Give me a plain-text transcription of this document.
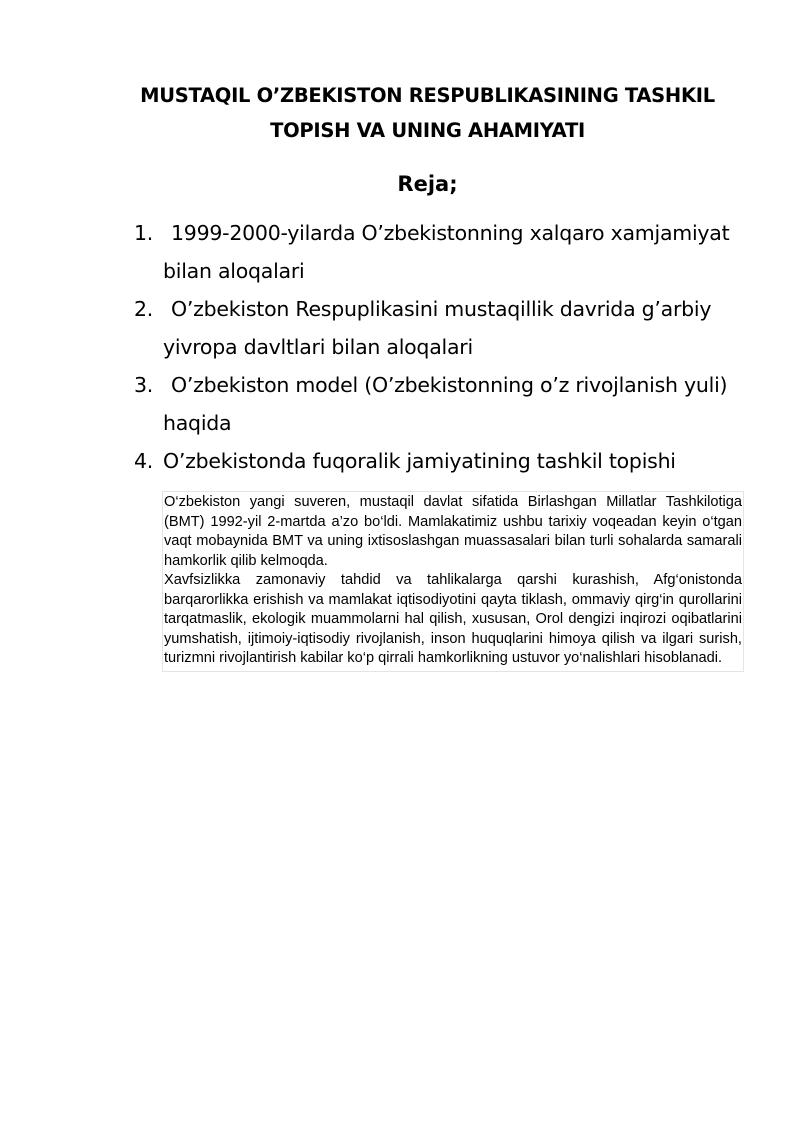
MUSTAQIL O’ZBEKISTON RESPUBLIKASINING TASHKIL TOPISH VA UNING AHAMIYATI
Reja;
1. 1999-2000-yilarda O’zbekistonning xalqaro xamjamiyat bilan aloqalari
2. O’zbekiston Respuplikasini mustaqillik davrida g’arbiy yivropa davltlari bilan aloqalari
3. O’zbekiston model (O’zbekistonning o’z rivojlanish yuli) haqida
4. O’zbekistonda fuqoralik jamiyatining tashkil topishi

O‘zbekiston yangi suveren, mustaqil davlat sifatida Birlashgan Millatlar Tashkilotiga (BMT) 1992-yil 2-martda a’zo bo‘ldi. Mamlakatimiz ushbu tarixiy voqeadan keyin o‘tgan vaqt mobaynida BMT va uning ixtisoslashgan muassasalari bilan turli sohalarda samarali hamkorlik qilib kelmoqda.

Xavfsizlikka zamonaviy tahdid va tahlikalarga qarshi kurashish, Afg‘onistonda barqarorlikka erishish va mamlakat iqtisodiyotini qayta tiklash, ommaviy qirg‘in qurollarini tarqatmaslik, ekologik muammolarni hal qilish, xususan, Orol dengizi inqirozi oqibatlarini yumshatish, ijtimoiy-iqtisodiy rivojlanish, inson huquqlarini himoya qilish va ilgari surish, turizmni rivojlantirish kabilar ko‘p qirrali hamkorlikning ustuvor yo‘nalishlari hisoblanadi.
